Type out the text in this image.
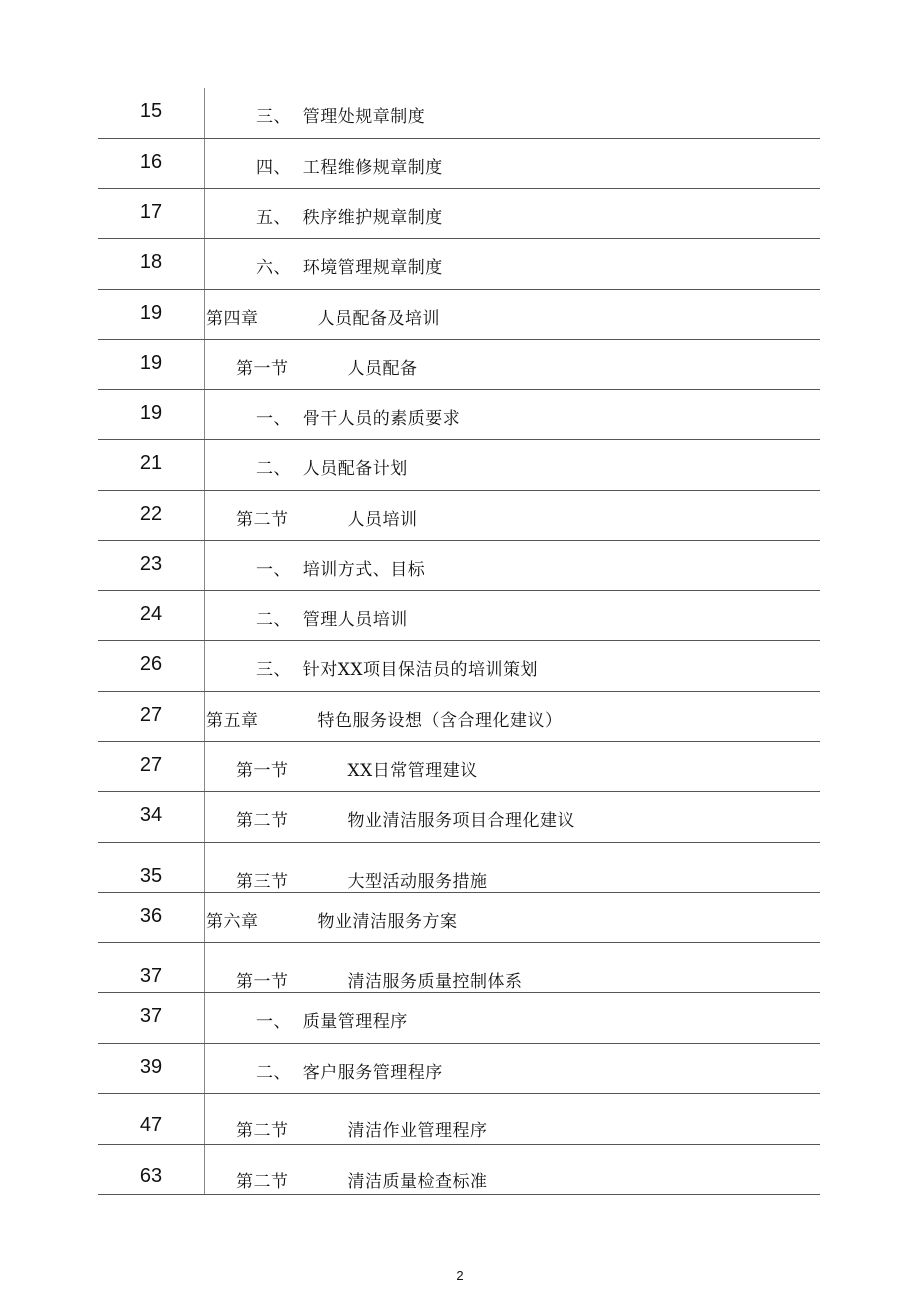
15	三、  管理处规章制度
16	四、  工程维修规章制度
17	五、  秩序维护规章制度
18	六、  环境管理规章制度
19	第四章          人员配备及培训
19	第一节          人员配备
19	一、  骨干人员的素质要求
21	二、  人员配备计划
22	第二节          人员培训
23	一、  培训方式、目标
24	二、  管理人员培训
26	三、  针对XX项目保洁员的培训策划
27	第五章          特色服务设想（含合理化建议）
27	第一节          XX日常管理建议
34	第二节          物业清洁服务项目合理化建议
35	第三节          大型活动服务措施
36	第六章          物业清洁服务方案
37	第一节          清洁服务质量控制体系
37	一、  质量管理程序
39	二、  客户服务管理程序
47	第二节          清洁作业管理程序
63	第二节          清洁质量检查标准
2
